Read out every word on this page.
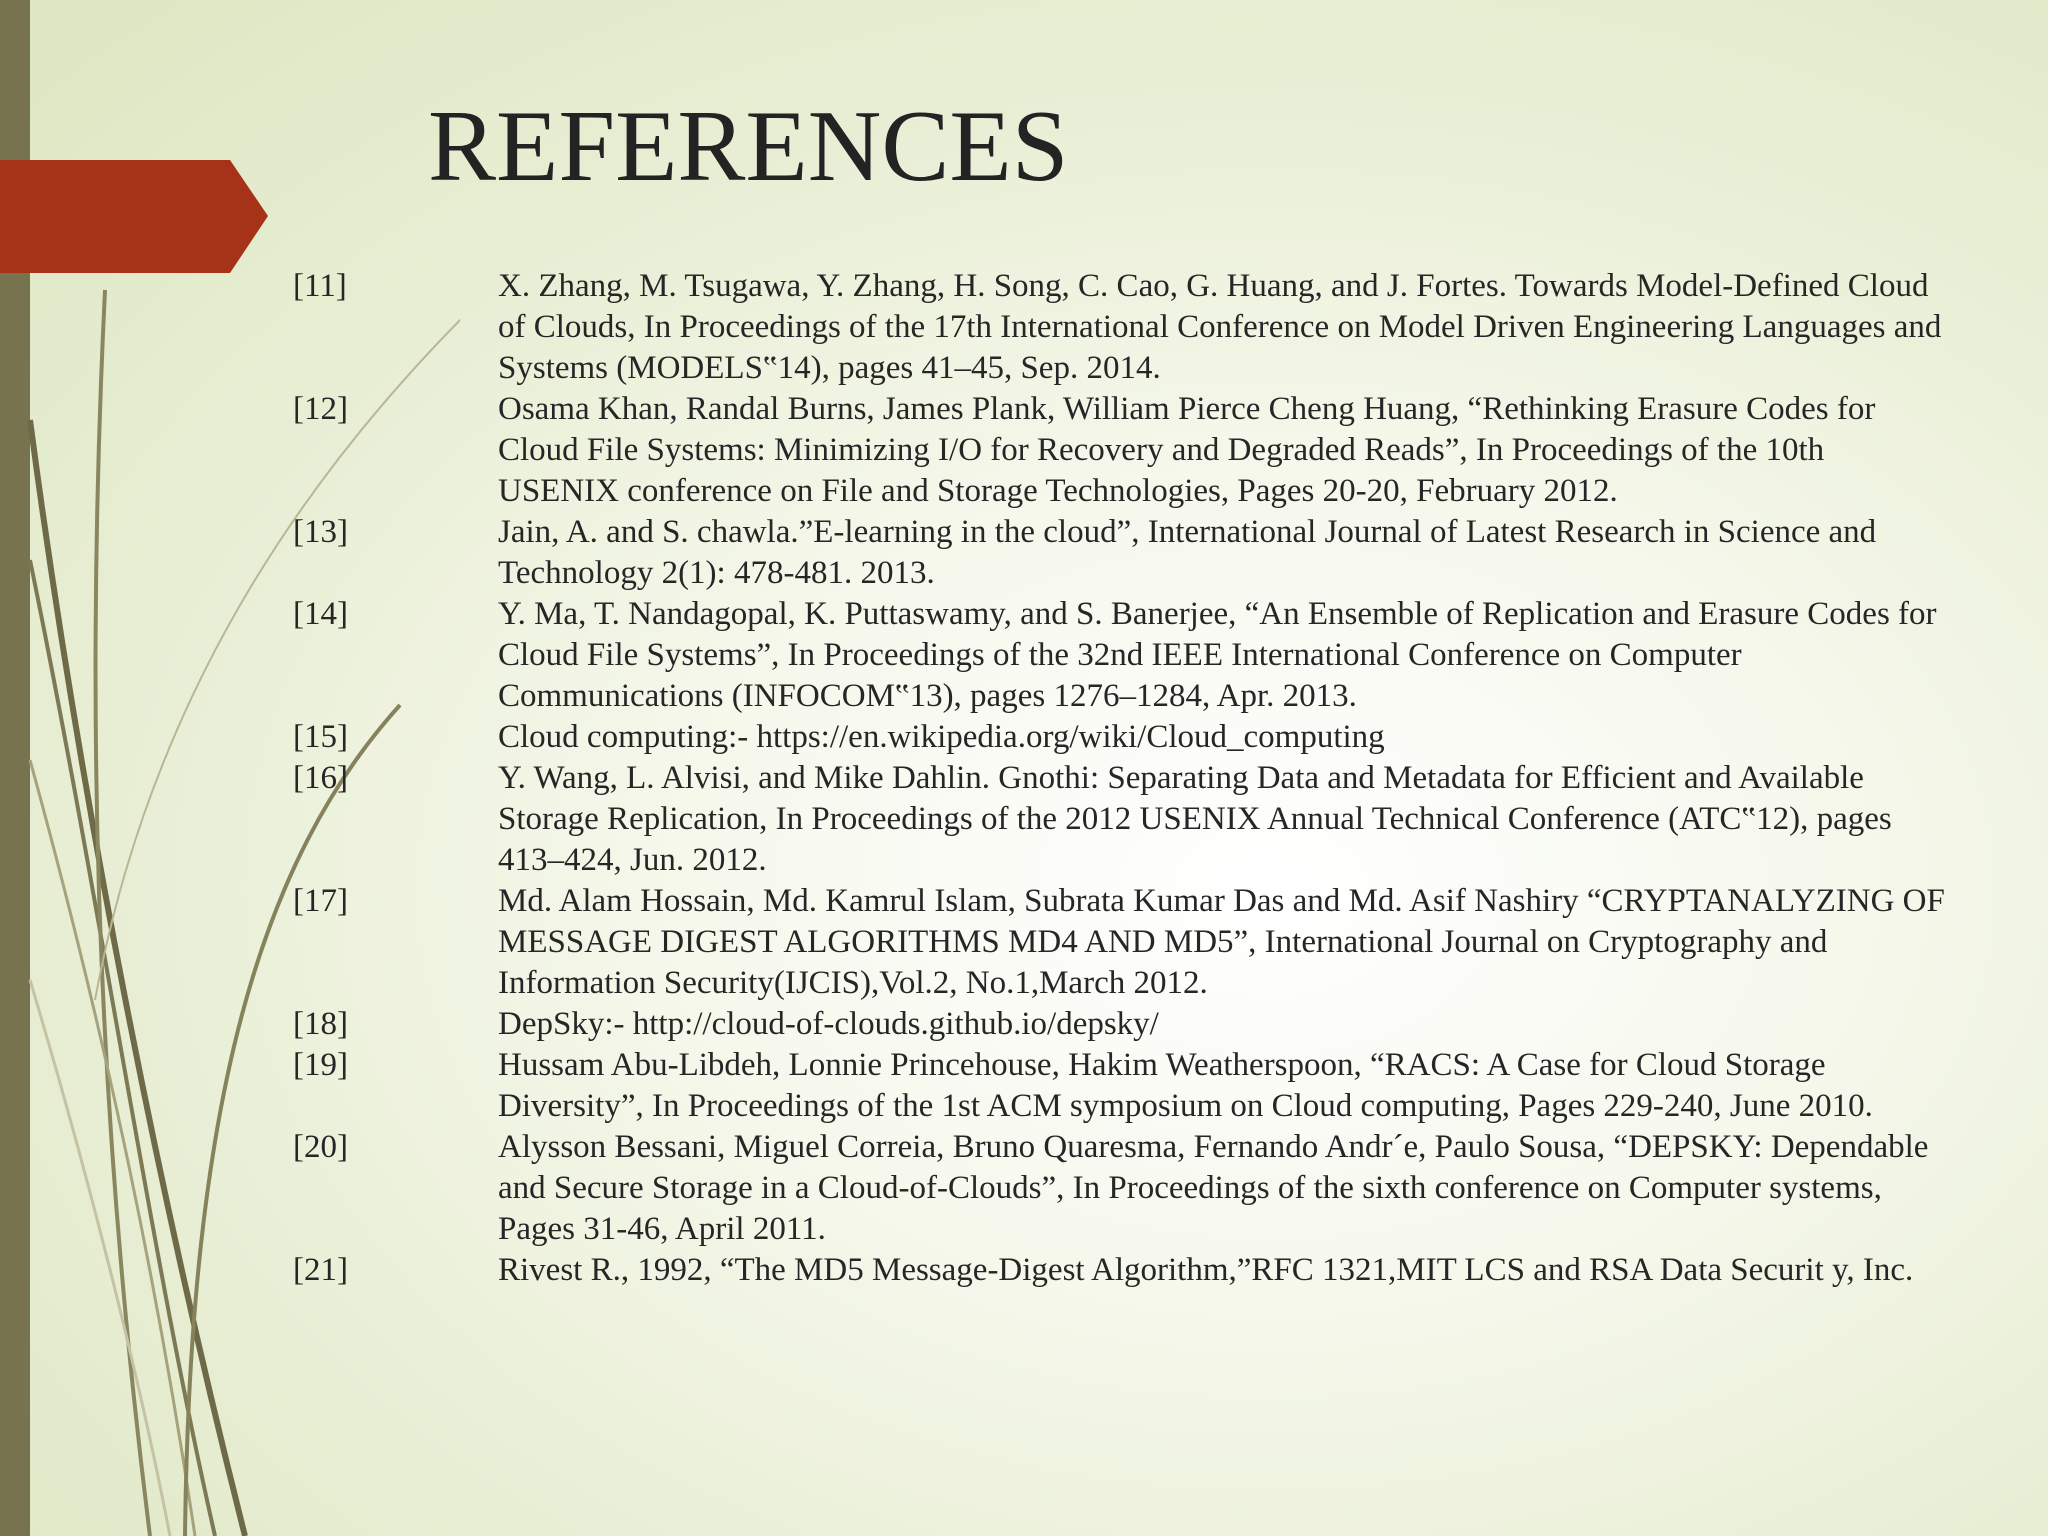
REFERENCES
[11]	X. Zhang, M. Tsugawa, Y. Zhang, H. Song, C. Cao, G. Huang, and J. Fortes. Towards Model-Defined Cloud of Clouds, In Proceedings of the 17th International Conference on Model Driven Engineering Languages and Systems (MODELS‟14), pages 41–45, Sep. 2014.
[12]	Osama Khan, Randal Burns, James Plank, William Pierce Cheng Huang, “Rethinking Erasure Codes for Cloud File Systems: Minimizing I/O for Recovery and Degraded Reads”, In Proceedings of the 10th USENIX conference on File and Storage Technologies, Pages 20-20, February 2012.
[13]	Jain, A. and S. chawla.”E-learning in the cloud”, International Journal of Latest Research in Science and Technology 2(1): 478-481. 2013.
[14]	Y. Ma, T. Nandagopal, K. Puttaswamy, and S. Banerjee, “An Ensemble of Replication and Erasure Codes for Cloud File Systems”, In Proceedings of the 32nd IEEE International Conference on Computer Communications (INFOCOM‟13), pages 1276–1284, Apr. 2013.
[15]	Cloud computing:- https://en.wikipedia.org/wiki/Cloud_computing
[16]	Y. Wang, L. Alvisi, and Mike Dahlin. Gnothi: Separating Data and Metadata for Efficient and Available Storage Replication, In Proceedings of the 2012 USENIX Annual Technical Conference (ATC‟12), pages 413–424, Jun. 2012.
[17]	Md. Alam Hossain, Md. Kamrul Islam, Subrata Kumar Das and Md. Asif Nashiry “CRYPTANALYZING OF MESSAGE DIGEST ALGORITHMS MD4 AND MD5”, International Journal on Cryptography and Information Security(IJCIS),Vol.2, No.1,March 2012.
[18]	DepSky:- http://cloud-of-clouds.github.io/depsky/
[19]	Hussam Abu-Libdeh, Lonnie Princehouse, Hakim Weatherspoon, “RACS: A Case for Cloud Storage Diversity”, In Proceedings of the 1st ACM symposium on Cloud computing, Pages 229-240, June 2010.
[20]	Alysson Bessani, Miguel Correia, Bruno Quaresma, Fernando Andr´e, Paulo Sousa, “DEPSKY: Dependable and Secure Storage in a Cloud-of-Clouds”, In Proceedings of the sixth conference on Computer systems, Pages 31-46, April 2011.
[21]	Rivest R., 1992, “The MD5 Message-Digest Algorithm,”RFC 1321,MIT LCS and RSA Data Securit y, Inc.
